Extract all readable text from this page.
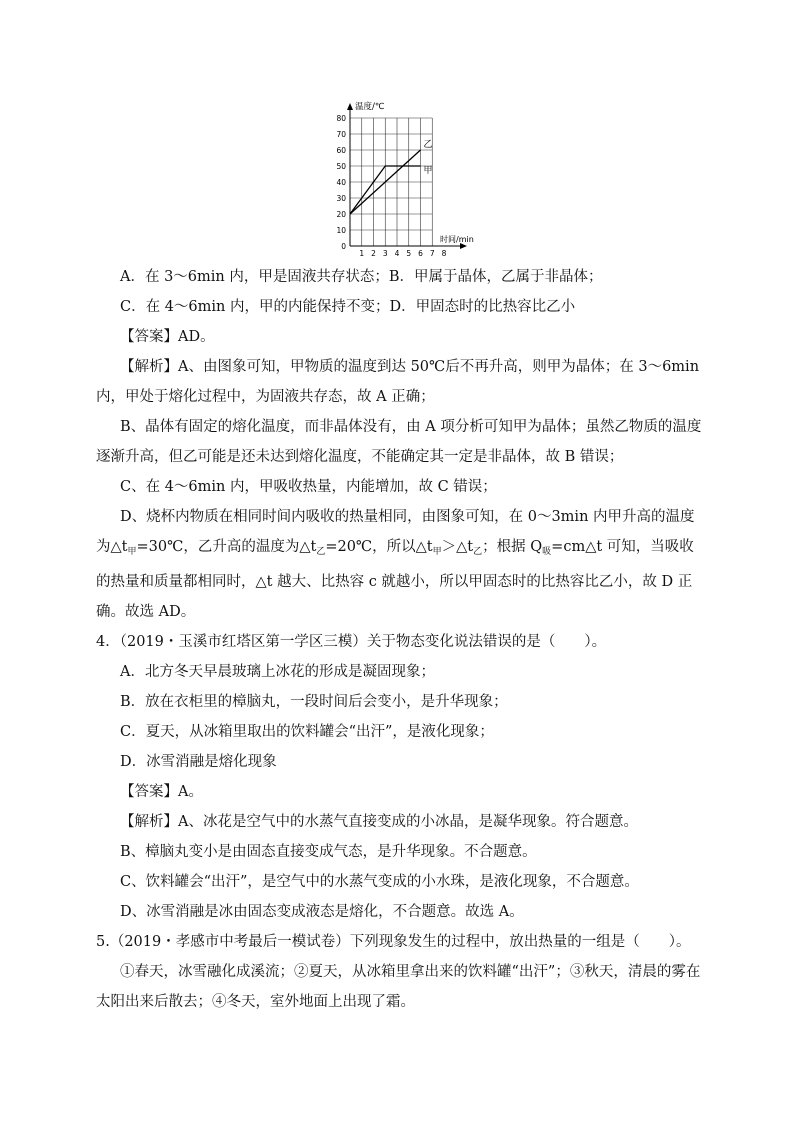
0
10
20
30
40
50
60
70
80
1 2 3 4 5 6 7 8
温度/℃
时间/min
甲
乙
A．在 3～6min 内，甲是固液共存状态；B．甲属于晶体，乙属于非晶体；
C．在 4～6min 内，甲的内能保持不变；D．甲固态时的比热容比乙小
【答案】AD。
【解析】A、由图象可知，甲物质的温度到达 50℃后不再升高，则甲为晶体；在 3～6min 内，甲处于熔化过程中，为固液共存态，故 A 正确；
B、晶体有固定的熔化温度，而非晶体没有，由 A 项分析可知甲为晶体；虽然乙物质的温度逐渐升高，但乙可能是还未达到熔化温度，不能确定其一定是非晶体，故 B 错误；
C、在 4～6min 内，甲吸收热量，内能增加，故 C 错误；
D、烧杯内物质在相同时间内吸收的热量相同，由图象可知，在 0～3min 内甲升高的温度为$\triangle t_甲=30℃$，乙升高的温度为$\triangle t_乙=20℃$，所以$\triangle t_甲>\triangle t_乙$；根据 $Q_吸=cm\triangle t$ 可知，当吸收的热量和质量都相同时，△t 越大、比热容 c 就越小，所以甲固态时的比热容比乙小，故 D 正确。故选 AD。
4．（2019・玉溪市红塔区第一学区三模）关于物态变化说法错误的是（　　）。
A．北方冬天早晨玻璃上冰花的形成是凝固现象；
B．放在衣柜里的樟脑丸，一段时间后会变小，是升华现象；
C．夏天，从冰箱里取出的饮料罐会“出汗”，是液化现象；
D．冰雪消融是熔化现象
【答案】A。
【解析】A、冰花是空气中的水蒸气直接变成的小冰晶，是凝华现象。符合题意。
B、樟脑丸变小是由固态直接变成气态，是升华现象。不合题意。
C、饮料罐会“出汗”，是空气中的水蒸气变成的小水珠，是液化现象，不合题意。
D、冰雪消融是冰由固态变成液态是熔化，不合题意。故选 A。
5.（2019・孝感市中考最后一模试卷）下列现象发生的过程中，放出热量的一组是（　　）。
①春天，冰雪融化成溪流；②夏天，从冰箱里拿出来的饮料罐“出汗”；③秋天，清晨的雾在太阳出来后散去；④冬天，室外地面上出现了霜。
